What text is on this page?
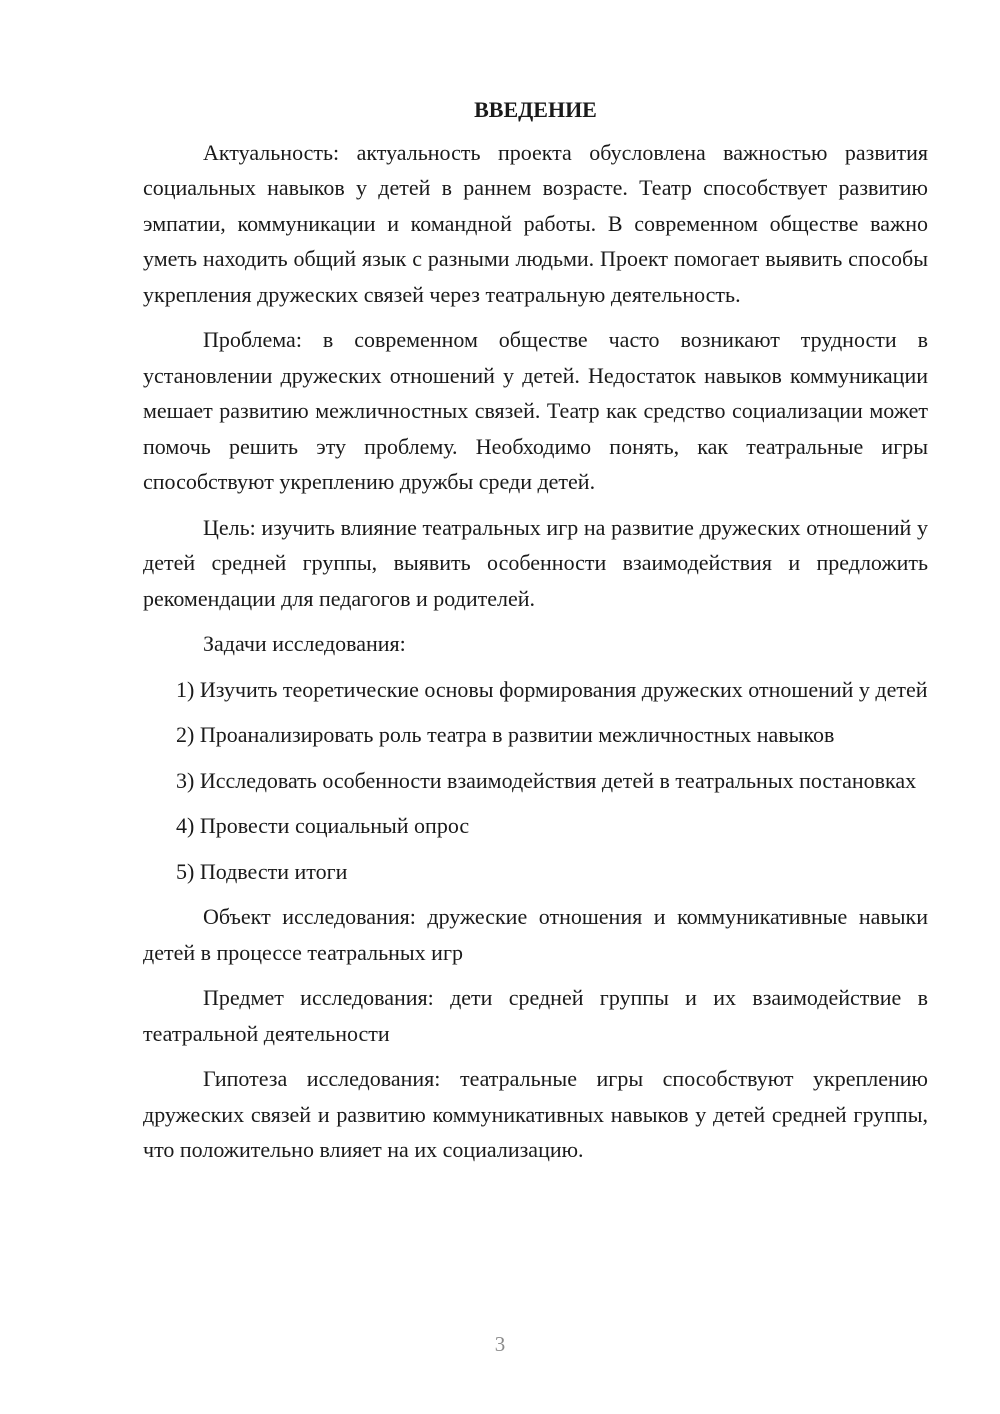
ВВЕДЕНИЕ

Актуальность: актуальность проекта обусловлена важностью развития социальных навыков у детей в раннем возрасте. Театр способствует развитию эмпатии, коммуникации и командной работы. В современном обществе важно уметь находить общий язык с разными людьми. Проект помогает выявить способы укрепления дружеских связей через театральную деятельность.

Проблема: в современном обществе часто возникают трудности в установлении дружеских отношений у детей. Недостаток навыков коммуникации мешает развитию межличностных связей. Театр как средство социализации может помочь решить эту проблему. Необходимо понять, как театральные игры способствуют укреплению дружбы среди детей.

Цель: изучить влияние театральных игр на развитие дружеских отношений у детей средней группы, выявить особенности взаимодействия и предложить рекомендации для педагогов и родителей.

Задачи исследования:

1) Изучить теоретические основы формирования дружеских отношений у детей

2) Проанализировать роль театра в развитии межличностных навыков

3) Исследовать особенности взаимодействия детей в театральных постановках

4) Провести социальный опрос

5) Подвести итоги

Объект исследования: дружеские отношения и коммуникативные навыки детей в процессе театральных игр

Предмет исследования: дети средней группы и их взаимодействие в театральной деятельности

Гипотеза исследования: театральные игры способствуют укреплению дружеских связей и развитию коммуникативных навыков у детей средней группы, что положительно влияет на их социализацию.

3
